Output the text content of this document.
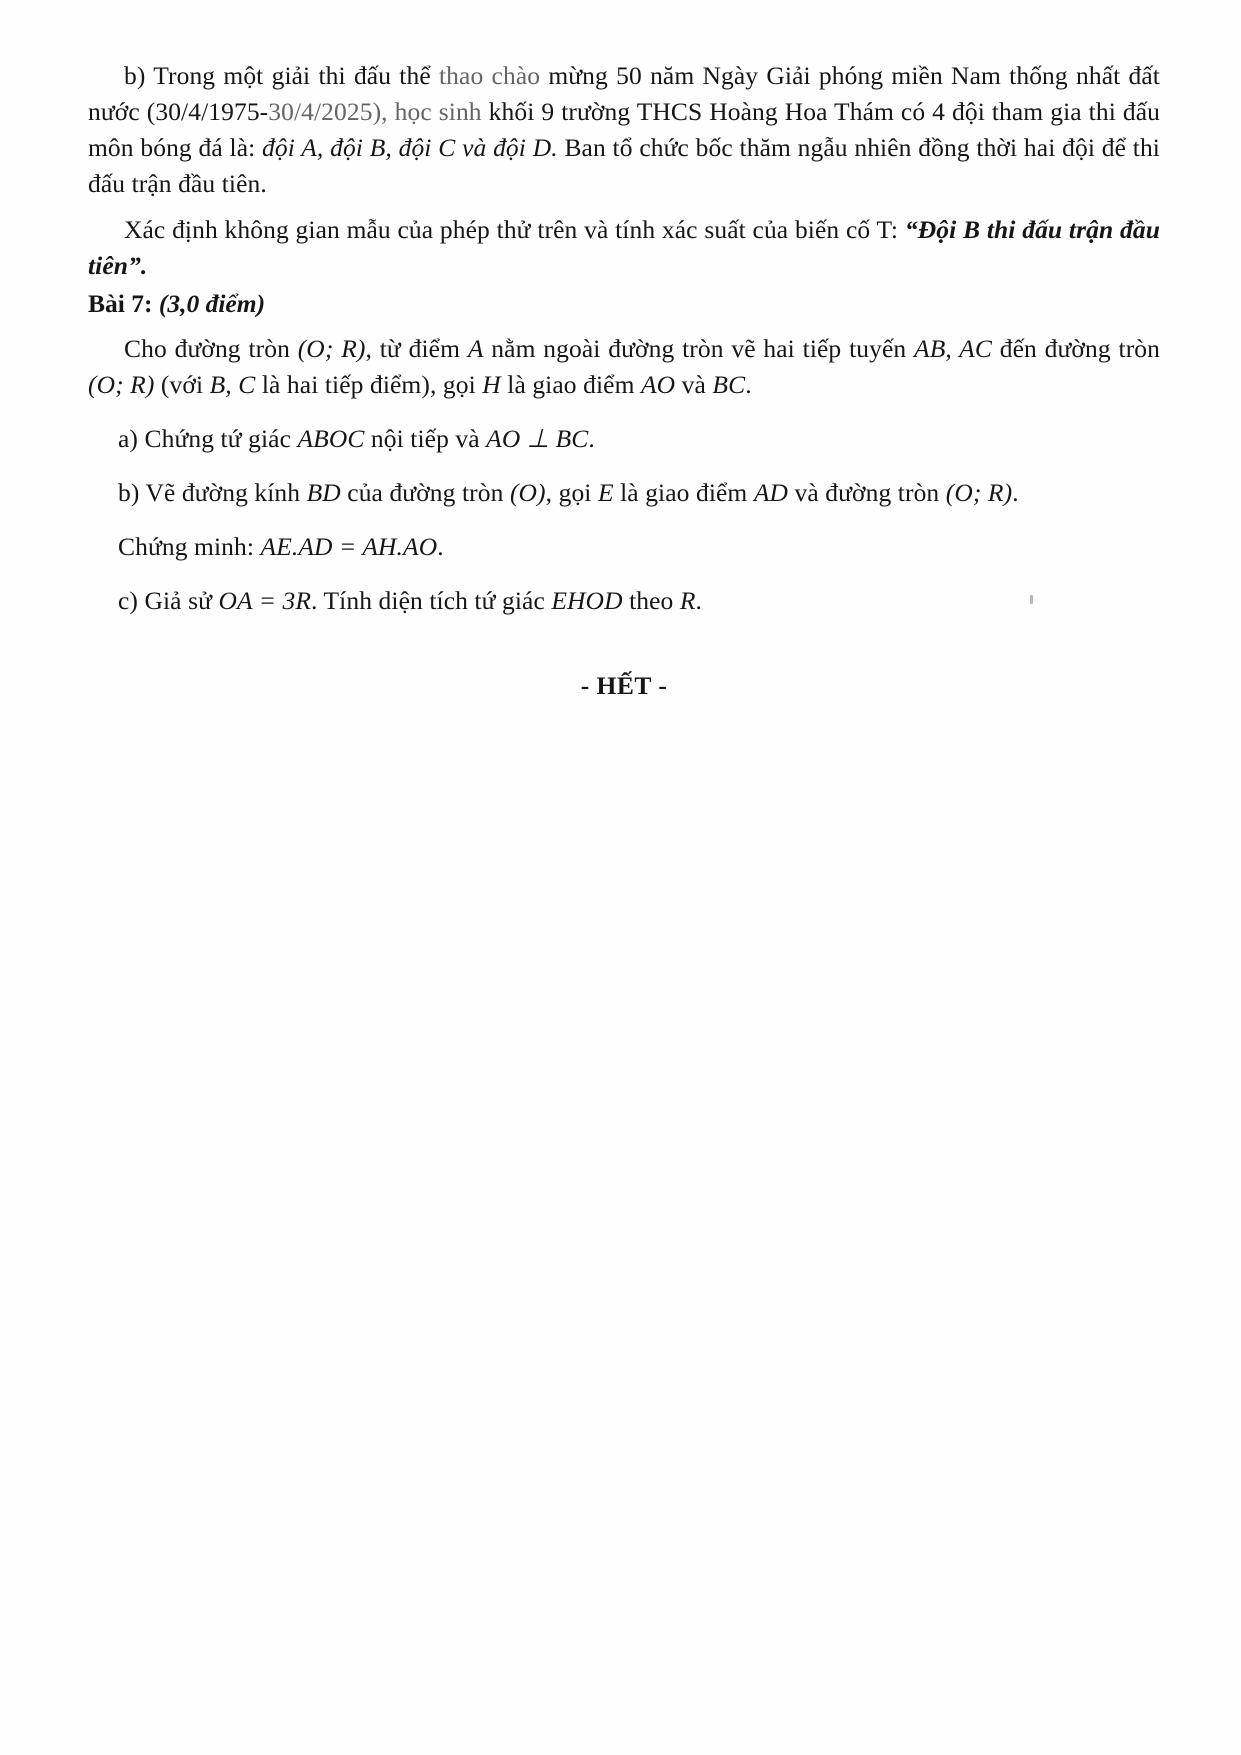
b) Trong một giải thi đấu thể thao chào mừng 50 năm Ngày Giải phóng miền Nam thống nhất đất nước (30/4/1975-30/4/2025), học sinh khối 9 trường THCS Hoàng Hoa Thám có 4 đội tham gia thi đấu môn bóng đá là: đội A, đội B, đội C và đội D. Ban tổ chức bốc thăm ngẫu nhiên đồng thời hai đội để thi đấu trận đầu tiên.

Xác định không gian mẫu của phép thử trên và tính xác suất của biến cố T: “Đội B thi đấu trận đầu tiên”.

Bài 7: (3,0 điểm)

Cho đường tròn (O; R), từ điểm A nằm ngoài đường tròn vẽ hai tiếp tuyến AB, AC đến đường tròn (O; R) (với B, C là hai tiếp điểm), gọi H là giao điểm AO và BC.

a) Chứng tứ giác ABOC nội tiếp và AO ⊥ BC.

b) Vẽ đường kính BD của đường tròn (O), gọi E là giao điểm AD và đường tròn (O; R).

Chứng minh: AE.AD = AH.AO.

c) Giả sử OA = 3R. Tính diện tích tứ giác EHOD theo R.

- HẾT -
